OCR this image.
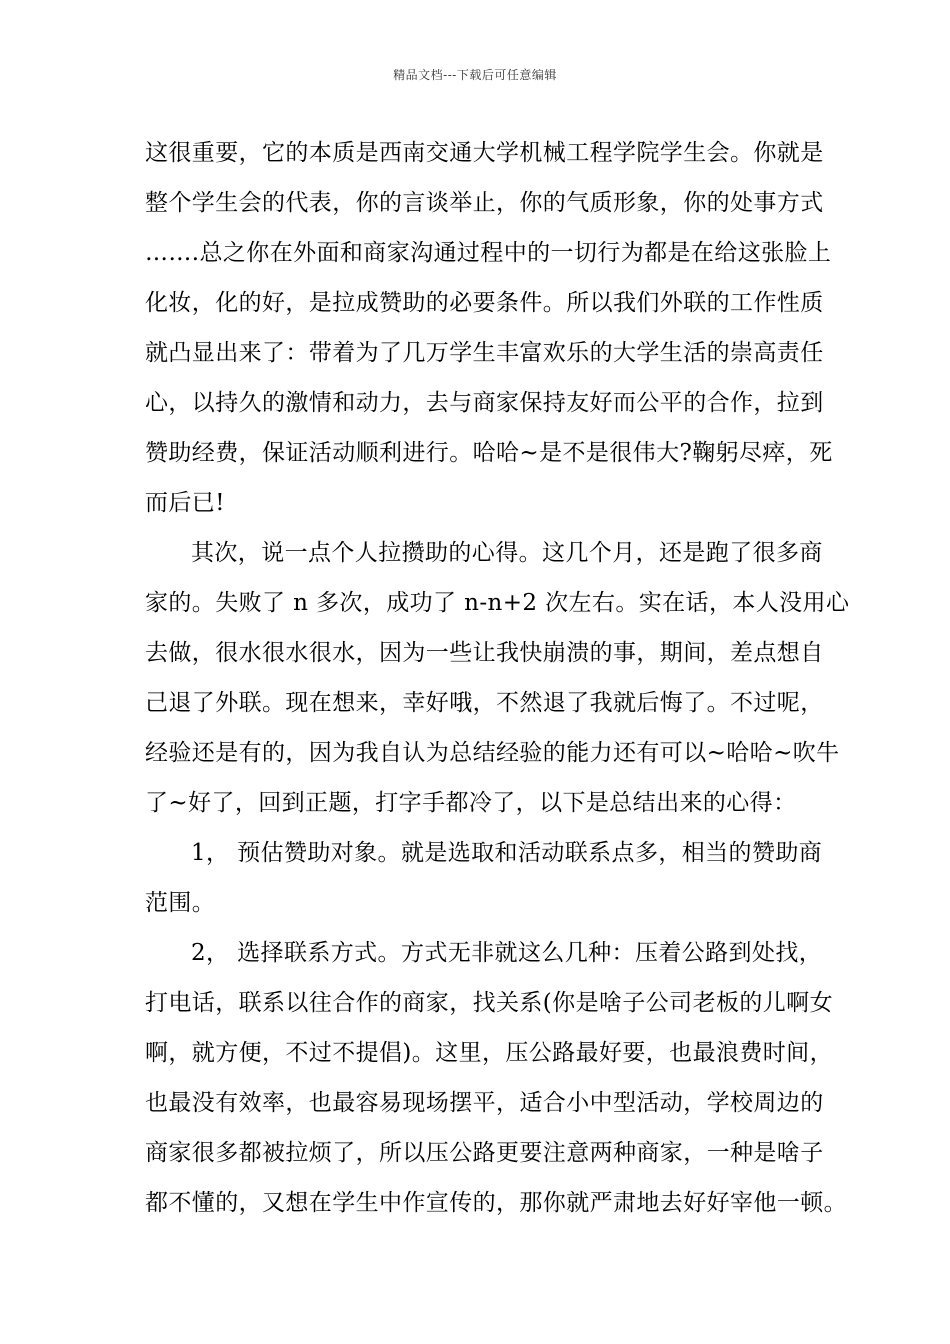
精品文档---下载后可任意编辑
这很重要，它的本质是西南交通大学机械工程学院学生会。你就是
整个学生会的代表，你的言谈举止，你的气质形象，你的处事方式
…….总之你在外面和商家沟通过程中的一切行为都是在给这张脸上
化妆，化的好，是拉成赞助的必要条件。所以我们外联的工作性质
就凸显出来了：带着为了几万学生丰富欢乐的大学生活的崇高责任
心，以持久的激情和动力，去与商家保持友好而公平的合作，拉到
赞助经费，保证活动顺利进行。哈哈~是不是很伟大?鞠躬尽瘁，死
而后已!
其次，说一点个人拉攒助的心得。这几个月，还是跑了很多商
家的。失败了 n 多次，成功了 n-n+2 次左右。实在话，本人没用心
去做，很水很水很水，因为一些让我快崩溃的事，期间，差点想自
己退了外联。现在想来，幸好哦，不然退了我就后悔了。不过呢，
经验还是有的，因为我自认为总结经验的能力还有可以~哈哈~吹牛
了~好了，回到正题，打字手都冷了，以下是总结出来的心得：
1， 预估赞助对象。就是选取和活动联系点多，相当的赞助商
范围。
2， 选择联系方式。方式无非就这么几种：压着公路到处找，
打电话，联系以往合作的商家，找关系(你是啥子公司老板的儿啊女
啊，就方便，不过不提倡)。这里，压公路最好要，也最浪费时间，
也最没有效率，也最容易现场摆平，适合小中型活动，学校周边的
商家很多都被拉烦了，所以压公路更要注意两种商家，一种是啥子
都不懂的，又想在学生中作宣传的，那你就严肃地去好好宰他一顿。
